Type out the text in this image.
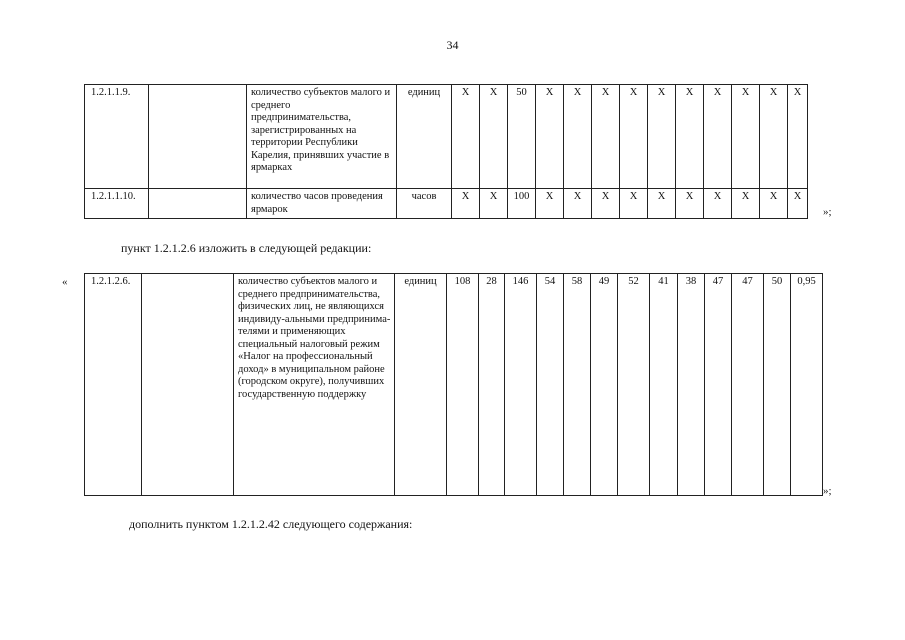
34
1.2.1.1.9.		количество субъектов малого и среднего предпринимательства, зарегистрированных на территории Республики Карелия, принявших участие в ярмарках	единиц	Х	Х	50	Х	Х	Х	Х	Х	Х	Х	Х	Х	Х
1.2.1.1.10.		количество часов проведения ярмарок	часов	Х	Х	100	Х	Х	Х	Х	Х	Х	Х	Х	Х	Х
»;
пункт 1.2.1.2.6 изложить в следующей редакции:
« 1.2.1.2.6.		количество субъектов малого и среднего предпринимательства, физических лиц, не являющихся индивиду-альными предпринима-телями и применяющих специальный налоговый режим «Налог на профессиональный доход» в муниципальном районе (городском округе), получивших государственную поддержку	единиц	108	28	146	54	58	49	52	41	38	47	47	50	0,95
»;
дополнить пунктом 1.2.1.2.42 следующего содержания:
